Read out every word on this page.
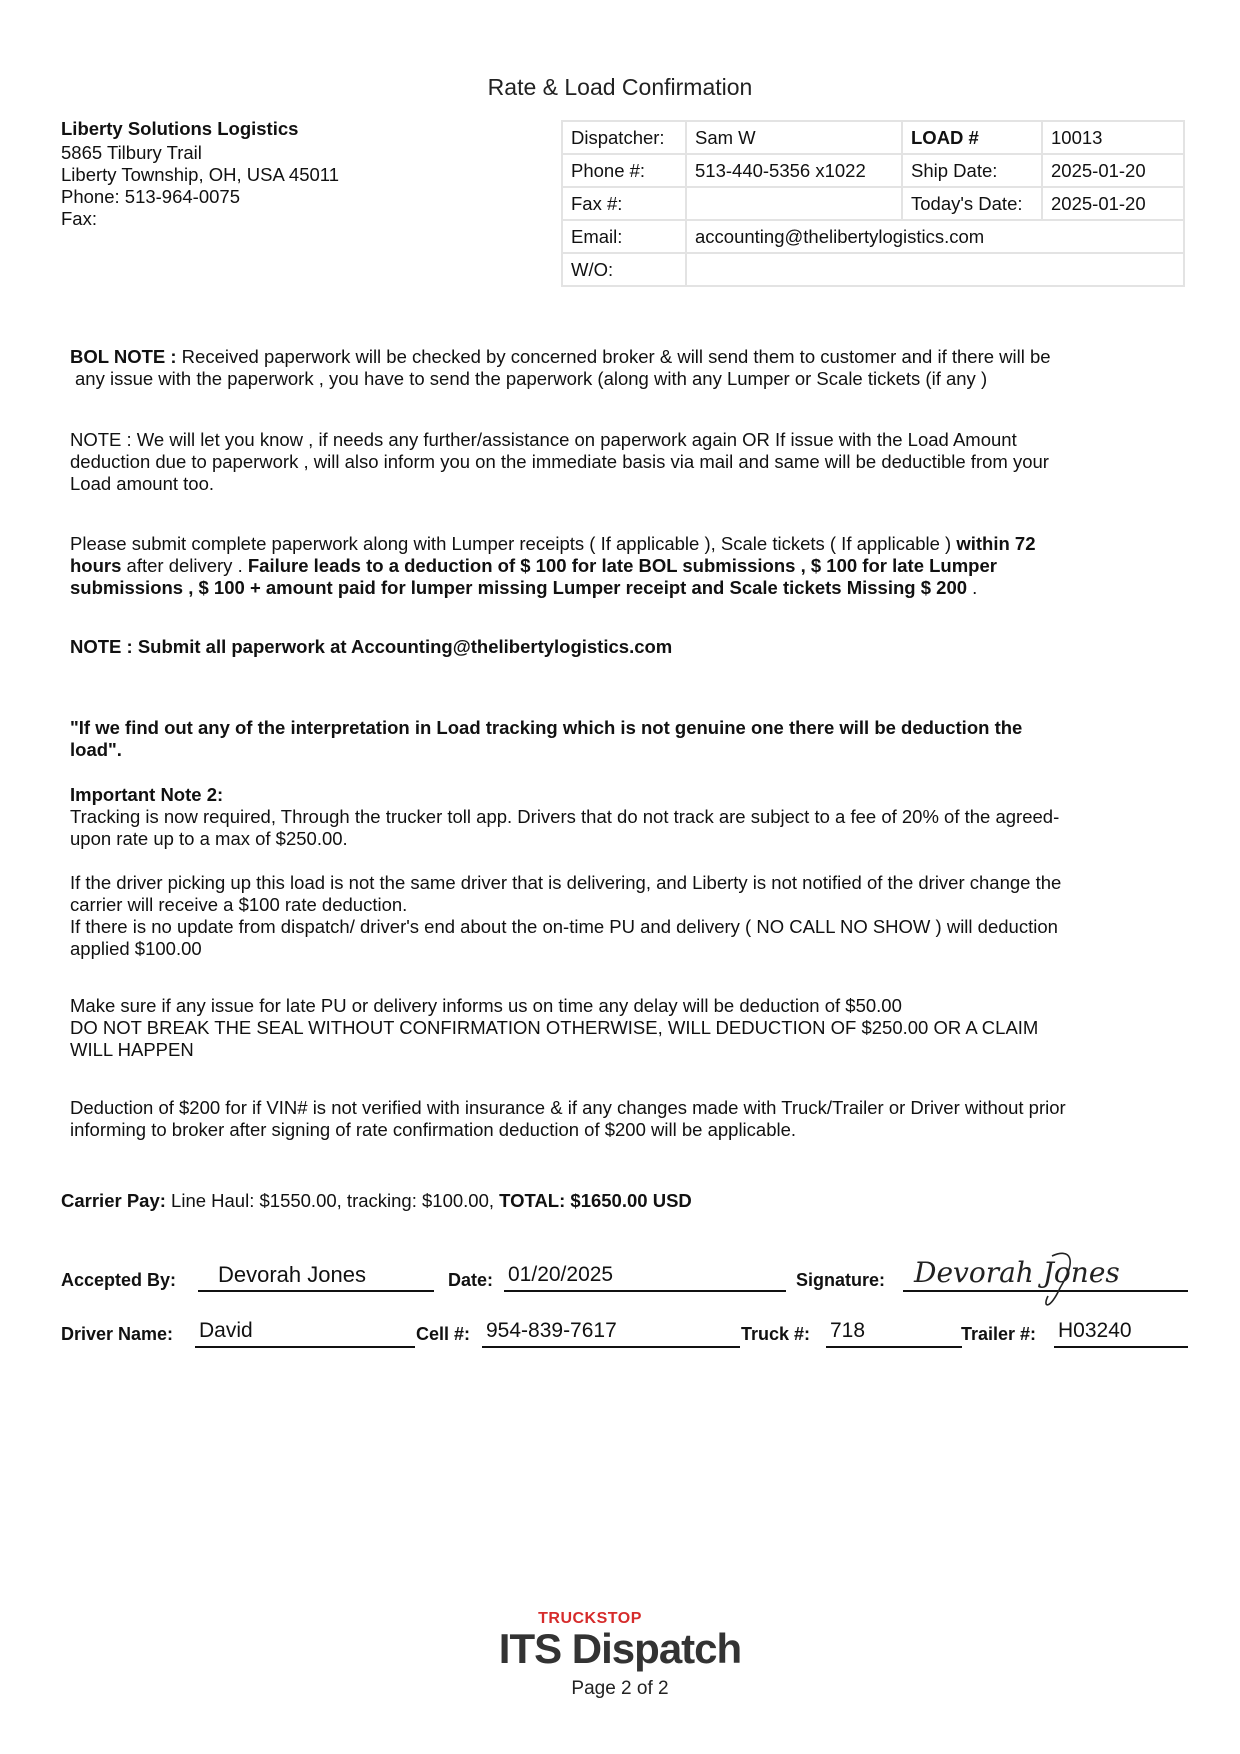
Rate & Load Confirmation
Liberty Solutions Logistics
5865 Tilbury Trail
Liberty Township, OH, USA 45011
Phone: 513-964-0075
Fax:
Dispatcher:	Sam W	LOAD #	10013
Phone #:	513-440-5356 x1022	Ship Date:	2025-01-20
Fax #:		Today's Date:	2025-01-20
Email:	accounting@thelibertylogistics.com		
W/O:			

BOL NOTE : Received paperwork will be checked by concerned broker & will send them to customer and if there will be

any issue with the paperwork , you have to send the paperwork (along with any Lumper or Scale tickets (if any )

NOTE : We will let you know , if needs any further/assistance on paperwork again OR If issue with the Load Amount

deduction due to paperwork , will also inform you on the immediate basis via mail and same will be deductible from your

Load amount too.

Please submit complete paperwork along with Lumper receipts ( If applicable ), Scale tickets ( If applicable ) within 72

hours after delivery . Failure leads to a deduction of $ 100 for late BOL submissions , $ 100 for late Lumper

submissions , $ 100 + amount paid for lumper missing Lumper receipt and Scale tickets Missing $ 200 .

NOTE : Submit all paperwork at Accounting@thelibertylogistics.com

"If we find out any of the interpretation in Load tracking which is not genuine one there will be deduction the

load".

Important Note 2:

Tracking is now required, Through the trucker toll app. Drivers that do not track are subject to a fee of 20% of the agreed-

upon rate up to a max of $250.00.

If the driver picking up this load is not the same driver that is delivering, and Liberty is not notified of the driver change the

carrier will receive a $100 rate deduction.

If there is no update from dispatch/ driver's end about the on-time PU and delivery ( NO CALL NO SHOW ) will deduction

applied $100.00

Make sure if any issue for late PU or delivery informs us on time any delay will be deduction of $50.00

DO NOT BREAK THE SEAL WITHOUT CONFIRMATION OTHERWISE, WILL DEDUCTION OF $250.00 OR A CLAIM

WILL HAPPEN

Deduction of $200 for if VIN# is not verified with insurance & if any changes made with Truck/Trailer or Driver without prior

informing to broker after signing of rate confirmation deduction of $200 will be applicable.

Carrier Pay: Line Haul: $1550.00, tracking: $100.00, TOTAL: $1650.00 USD
Accepted By:	Devorah Jones	Date: 01/20/2025	Signature: Devorah Jones
Driver Name: David	Cell #: 954-839-7617	Truck #: 718	Trailer #: H03240
TRUCKSTOP
ITS Dispatch
Page 2 of 2
